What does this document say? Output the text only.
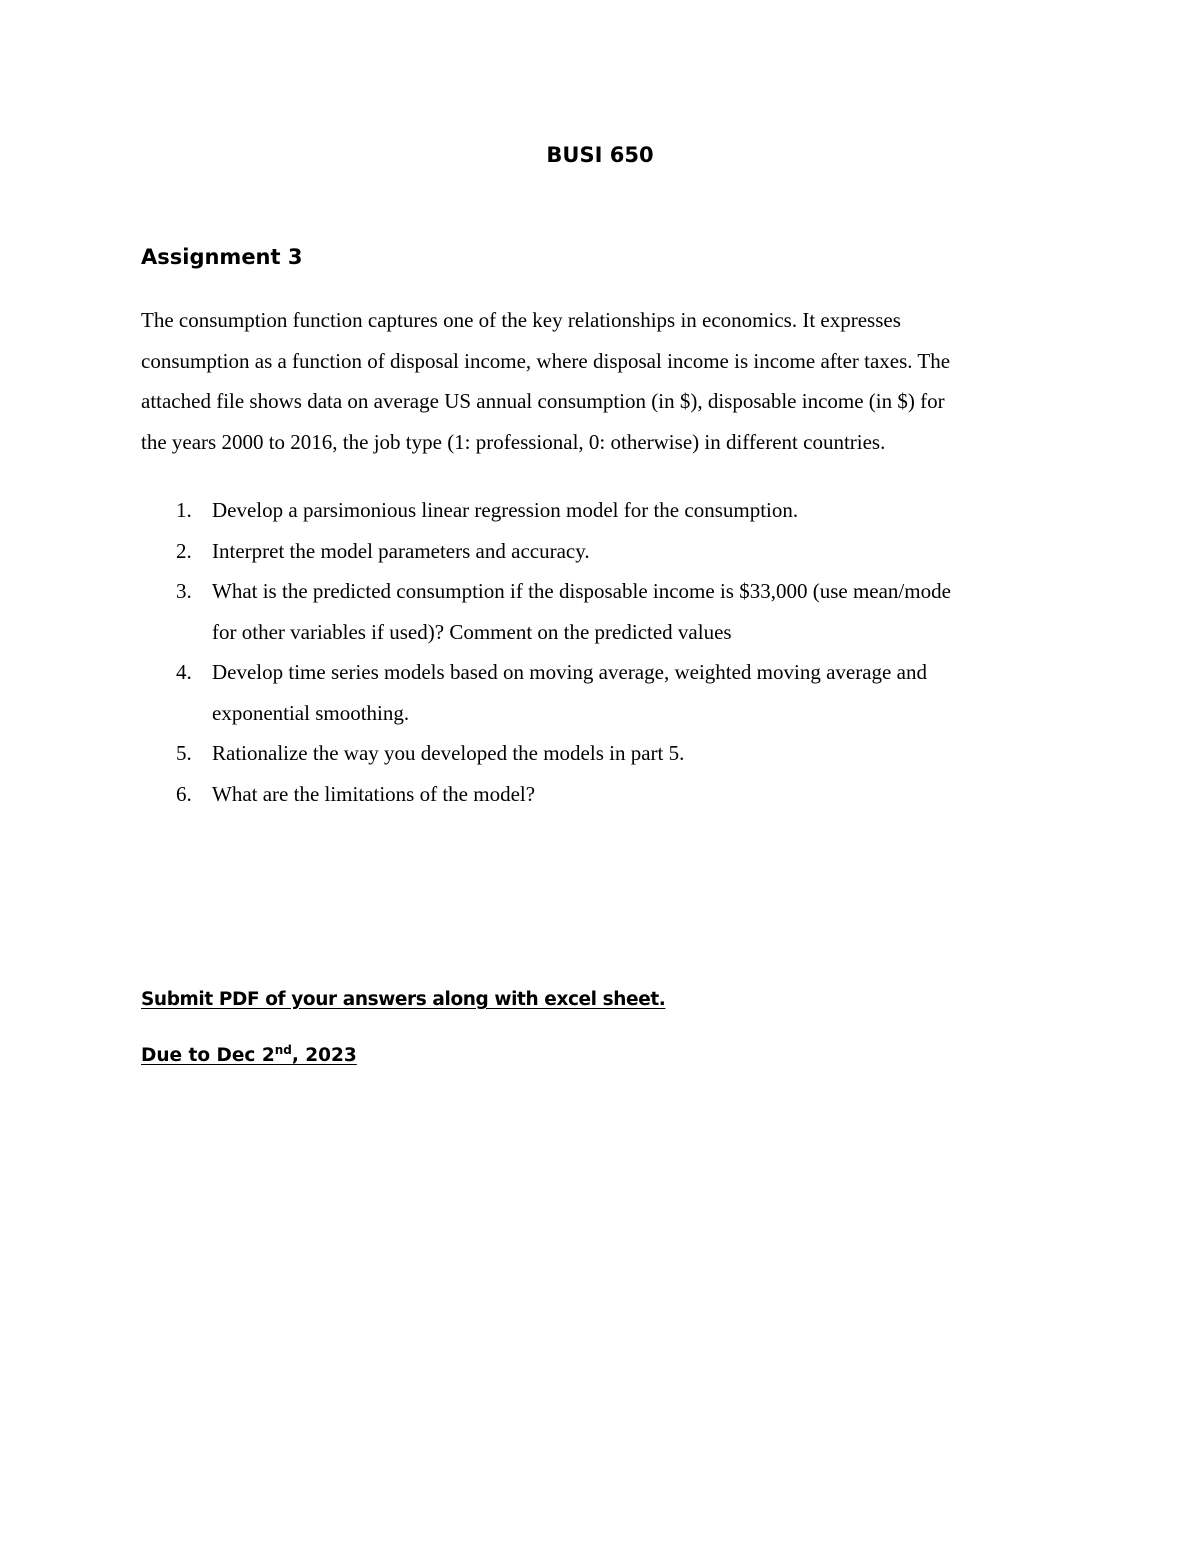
BUSI 650
Assignment 3

The consumption function captures one of the key relationships in economics. It expresses
consumption as a function of disposal income, where disposal income is income after taxes. The
attached file shows data on average US annual consumption (in $), disposable income (in $) for
the years 2000 to 2016, the job type (1: professional, 0: otherwise) in different countries.

1. Develop a parsimonious linear regression model for the consumption.
2. Interpret the model parameters and accuracy.
3. What is the predicted consumption if the disposable income is $33,000 (use mean/mode
for other variables if used)? Comment on the predicted values
4. Develop time series models based on moving average, weighted moving average and
exponential smoothing.
5. Rationalize the way you developed the models in part 5.
6. What are the limitations of the model?

Submit PDF of your answers along with excel sheet.

Due to Dec 2nd, 2023
